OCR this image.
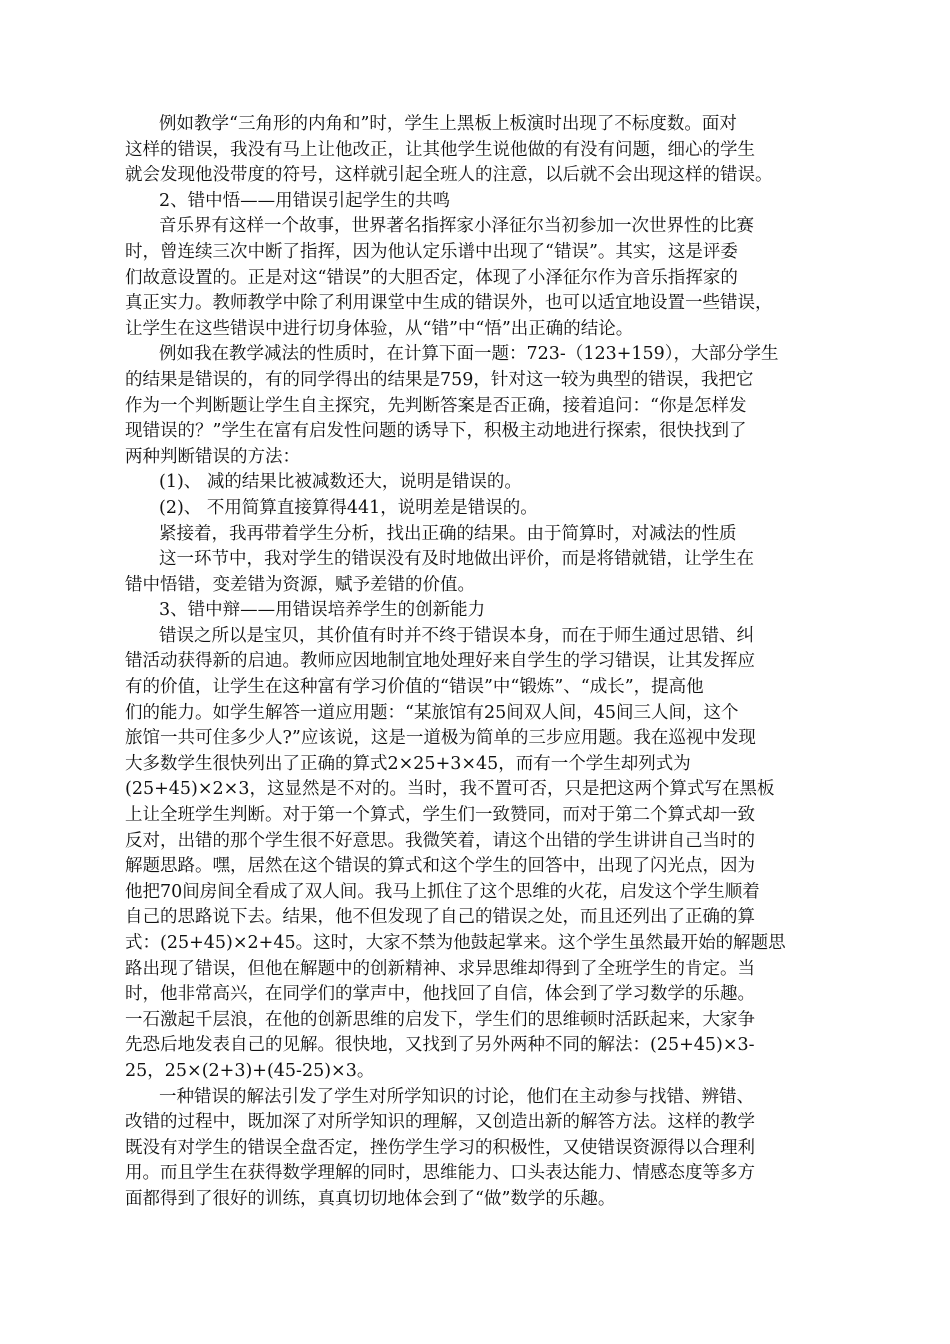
例如教学“三角形的内角和”时，学生上黑板上板演时出现了不标度数。面对
这样的错误，我没有马上让他改正，让其他学生说他做的有没有问题，细心的学生
就会发现他没带度的符号，这样就引起全班人的注意，以后就不会出现这样的错误。
2、错中悟——用错误引起学生的共鸣
音乐界有这样一个故事，世界著名指挥家小泽征尔当初参加一次世界性的比赛
时，曾连续三次中断了指挥，因为他认定乐谱中出现了“错误”。其实，这是评委
们故意设置的。正是对这“错误”的大胆否定，体现了小泽征尔作为音乐指挥家的
真正实力。教师教学中除了利用课堂中生成的错误外，也可以适宜地设置一些错误，
让学生在这些错误中进行切身体验，从“错”中“悟”出正确的结论。
例如我在教学减法的性质时，在计算下面一题：723-（123+159），大部分学生
的结果是错误的，有的同学得出的结果是759，针对这一较为典型的错误，我把它
作为一个判断题让学生自主探究，先判断答案是否正确，接着追问：“你是怎样发
现错误的？”学生在富有启发性问题的诱导下，积极主动地进行探索，很快找到了
两种判断错误的方法：
(1)、 减的结果比被减数还大，说明是错误的。
(2)、 不用简算直接算得441，说明差是错误的。
紧接着，我再带着学生分析，找出正确的结果。由于简算时，对减法的性质
这一环节中，我对学生的错误没有及时地做出评价，而是将错就错，让学生在
错中悟错，变差错为资源，赋予差错的价值。
3、错中辩——用错误培养学生的创新能力
错误之所以是宝贝，其价值有时并不终于错误本身，而在于师生通过思错、纠
错活动获得新的启迪。教师应因地制宜地处理好来自学生的学习错误，让其发挥应
有的价值，让学生在这种富有学习价值的“错误”中“锻炼”、“成长”，提高他
们的能力。如学生解答一道应用题：“某旅馆有25间双人间，45间三人间，这个
旅馆一共可住多少人?”应该说，这是一道极为简单的三步应用题。我在巡视中发现
大多数学生很快列出了正确的算式2×25+3×45，而有一个学生却列式为
(25+45)×2×3，这显然是不对的。当时，我不置可否，只是把这两个算式写在黑板
上让全班学生判断。对于第一个算式，学生们一致赞同，而对于第二个算式却一致
反对，出错的那个学生很不好意思。我微笑着，请这个出错的学生讲讲自己当时的
解题思路。嘿，居然在这个错误的算式和这个学生的回答中，出现了闪光点，因为
他把70间房间全看成了双人间。我马上抓住了这个思维的火花，启发这个学生顺着
自己的思路说下去。结果，他不但发现了自己的错误之处，而且还列出了正确的算
式：(25+45)×2+45。这时，大家不禁为他鼓起掌来。这个学生虽然最开始的解题思
路出现了错误，但他在解题中的创新精神、求异思维却得到了全班学生的肯定。当
时，他非常高兴，在同学们的掌声中，他找回了自信，体会到了学习数学的乐趣。
一石激起千层浪，在他的创新思维的启发下，学生们的思维顿时活跃起来，大家争
先恐后地发表自己的见解。很快地，又找到了另外两种不同的解法：(25+45)×3-
25，25×(2+3)+(45-25)×3。
一种错误的解法引发了学生对所学知识的讨论，他们在主动参与找错、辨错、
改错的过程中，既加深了对所学知识的理解，又创造出新的解答方法。这样的教学
既没有对学生的错误全盘否定，挫伤学生学习的积极性，又使错误资源得以合理利
用。而且学生在获得数学理解的同时，思维能力、口头表达能力、情感态度等多方
面都得到了很好的训练，真真切切地体会到了“做”数学的乐趣。
